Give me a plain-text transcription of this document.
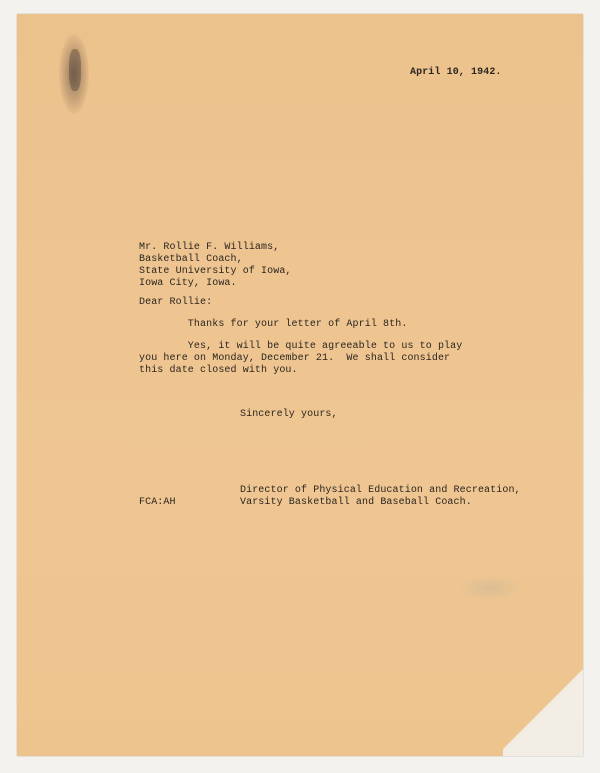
April 10, 1942.
Mr. Rollie F. Williams,
Basketball Coach,
State University of Iowa,
Iowa City, Iowa.
Dear Rollie:
Thanks for your letter of April 8th.
Yes, it will be quite agreeable to us to play
you here on Monday, December 21.  We shall consider
this date closed with you.
Sincerely yours,
Director of Physical Education and Recreation,
Varsity Basketball and Baseball Coach.
FCA:AH
